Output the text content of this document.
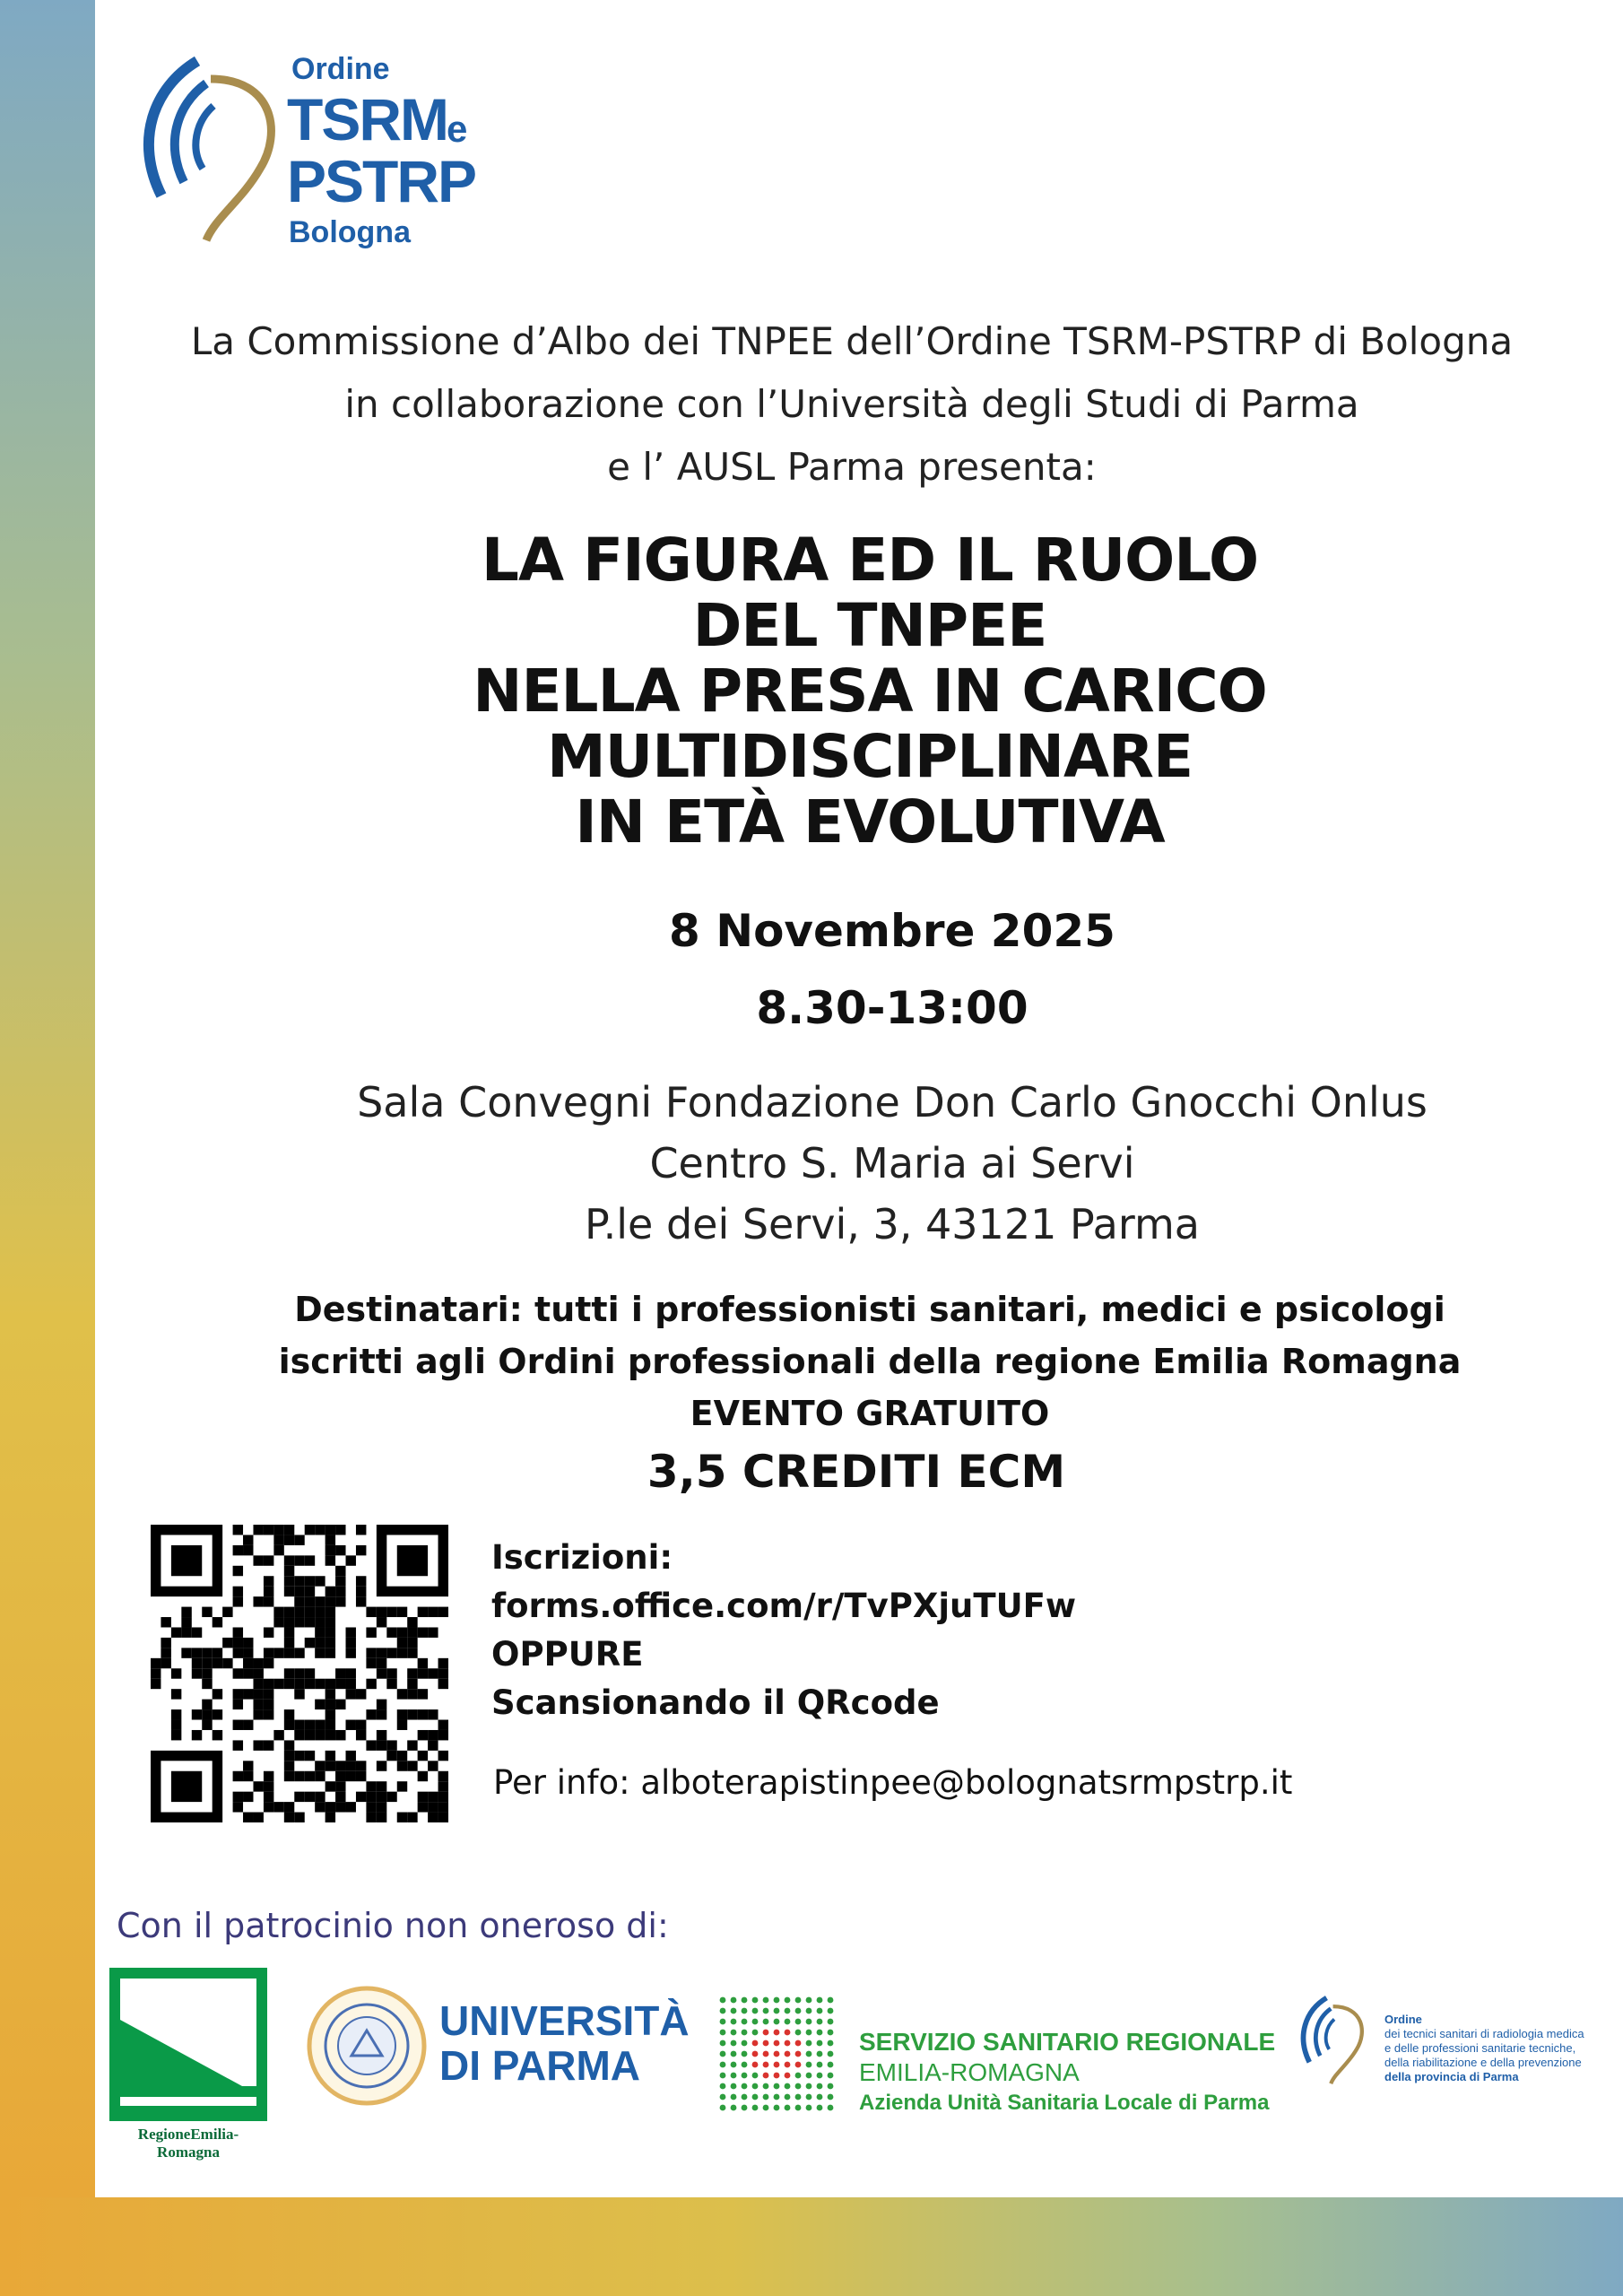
Ordine
TSRM e
PSTRP
Bologna
La Commissione d’Albo dei TNPEE dell’Ordine TSRM-PSTRP di Bologna
in collaborazione con l’Università degli Studi di Parma
e l’ AUSL Parma presenta:
LA FIGURA ED IL RUOLO
DEL TNPEE
NELLA PRESA IN CARICO
MULTIDISCIPLINARE
IN ETÀ EVOLUTIVA
8 Novembre 2025
8.30-13:00
Sala Convegni Fondazione Don Carlo Gnocchi Onlus
Centro S. Maria ai Servi
P.le dei Servi, 3, 43121 Parma
Destinatari: tutti i professionisti sanitari, medici e psicologi
iscritti agli Ordini professionali della regione Emilia Romagna
EVENTO GRATUITO
3,5 CREDITI ECM
Iscrizioni:
forms.office.com/r/TvPXjuTUFw
OPPURE
Scansionando il QRcode
Per info: alboterapistinpee@bolognatsrmpstrp.it
Con il patrocinio non oneroso di:
RegioneEmilia-Romagna
UNIVERSITÀ
DI PARMA
SERVIZIO SANITARIO REGIONALE
EMILIA-ROMAGNA
Azienda Unità Sanitaria Locale di Parma
Ordine
dei tecnici sanitari di radiologia medica
e delle professioni sanitarie tecniche,
della riabilitazione e della prevenzione
della provincia di Parma
